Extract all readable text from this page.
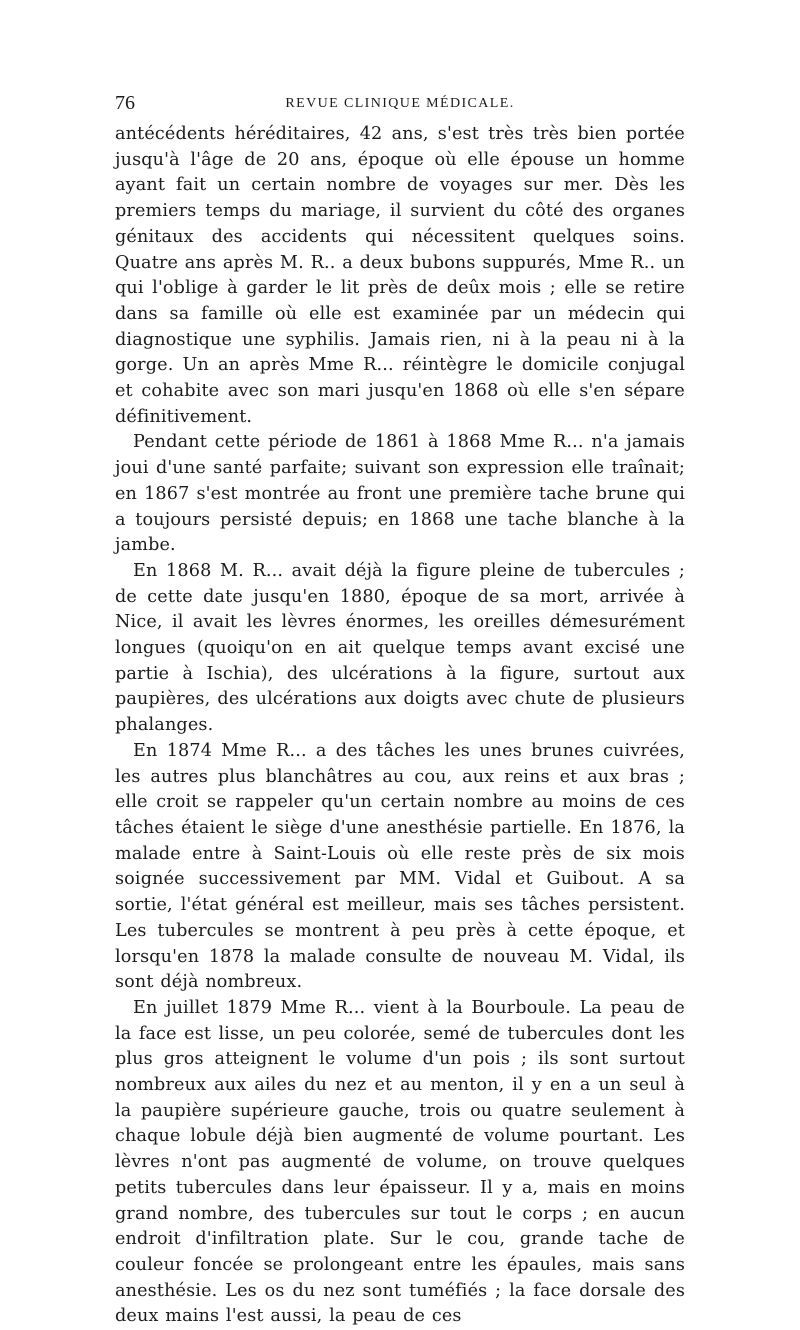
76	REVUE CLINIQUE MÉDICALE.

antécédents héréditaires, 42 ans, s'est très très bien portée jusqu'à l'âge de 20 ans, époque où elle épouse un homme ayant fait un certain nombre de voyages sur mer. Dès les premiers temps du mariage, il survient du côté des organes génitaux des accidents qui nécessitent quelques soins. Quatre ans après M. R.. a deux bubons suppurés, Mme R.. un qui l'oblige à garder le lit près de deûx mois ; elle se retire dans sa famille où elle est examinée par un médecin qui diagnostique une syphilis. Jamais rien, ni à la peau ni à la gorge. Un an après Mme R... réintègre le domicile conjugal et cohabite avec son mari jusqu'en 1868 où elle s'en sépare définitivement.

Pendant cette période de 1861 à 1868 Mme R... n'a jamais joui d'une santé parfaite; suivant son expression elle traînait; en 1867 s'est montrée au front une première tache brune qui a toujours persisté depuis; en 1868 une tache blanche à la jambe.

En 1868 M. R... avait déjà la figure pleine de tubercules ; de cette date jusqu'en 1880, époque de sa mort, arrivée à Nice, il avait les lèvres énormes, les oreilles démesurément longues (quoiqu'on en ait quelque temps avant excisé une partie à Ischia), des ulcérations à la figure, surtout aux paupières, des ulcérations aux doigts avec chute de plusieurs phalanges.

En 1874 Mme R... a des tâches les unes brunes cuivrées, les autres plus blanchâtres au cou, aux reins et aux bras ; elle croit se rappeler qu'un certain nombre au moins de ces tâches étaient le siège d'une anesthésie partielle. En 1876, la malade entre à Saint-Louis où elle reste près de six mois soignée successivement par MM. Vidal et Guibout. A sa sortie, l'état général est meilleur, mais ses tâches persistent. Les tubercules se montrent à peu près à cette époque, et lorsqu'en 1878 la malade consulte de nouveau M. Vidal, ils sont déjà nombreux.

En juillet 1879 Mme R... vient à la Bourboule. La peau de la face est lisse, un peu colorée, semé de tubercules dont les plus gros atteignent le volume d'un pois ; ils sont surtout nombreux aux ailes du nez et au menton, il y en a un seul à la paupière supérieure gauche, trois ou quatre seulement à chaque lobule déjà bien augmenté de volume pourtant. Les lèvres n'ont pas augmenté de volume, on trouve quelques petits tubercules dans leur épaisseur. Il y a, mais en moins grand nombre, des tubercules sur tout le corps ; en aucun endroit d'infiltration plate. Sur le cou, grande tache de couleur foncée se prolongeant entre les épaules, mais sans anesthésie. Les os du nez sont tuméfiés ; la face dorsale des deux mains l'est aussi, la peau de ces
